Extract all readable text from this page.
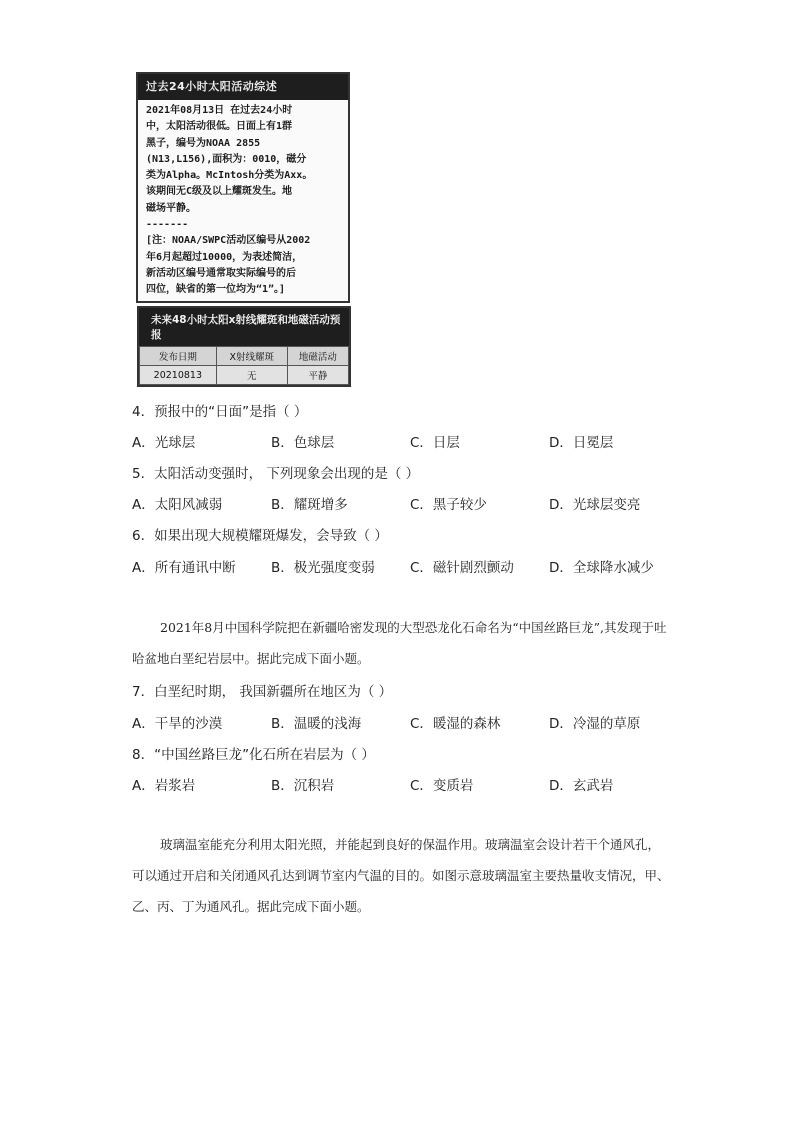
过去24小时太阳活动综述
2021年08月13日 在过去24小时
中，太阳活动很低。日面上有1群
黑子，编号为NOAA 2855
(N13,L156),面积为：0010，磁分
类为Alpha。McIntosh分类为Axx。
该期间无C级及以上耀斑发生。地
磁场平静。
-------
[注：NOAA/SWPC活动区编号从2002
年6月起超过10000，为表述简洁，
新活动区编号通常取实际编号的后
四位，缺省的第一位均为“1”。]
未来48小时太阳x射线耀斑和地磁活动预报
发布日期	X射线耀斑	地磁活动
20210813	无	平静
4．预报中的“日面”是指（ ）
A．光球层	B．色球层	C．日层	D．日冕层
5．太阳活动变强时， 下列现象会出现的是（ ）
A．太阳风减弱	B．耀斑增多	C．黑子较少	D．光球层变亮
6．如果出现大规模耀斑爆发，会导致（ ）
A．所有通讯中断	B．极光强度变弱	C．磁针剧烈颤动	D．全球降水减少
2021年8月中国科学院把在新疆哈密发现的大型恐龙化石命名为“中国丝路巨龙”,其发现于吐哈盆地白垩纪岩层中。据此完成下面小题。
7．白垩纪时期， 我国新疆所在地区为（ ）
A．干旱的沙漠	B．温暖的浅海	C．暖湿的森林	D．冷湿的草原
8．“中国丝路巨龙”化石所在岩层为（ ）
A．岩浆岩	B．沉积岩	C．变质岩	D．玄武岩
玻璃温室能充分利用太阳光照，并能起到良好的保温作用。玻璃温室会设计若干个通风孔，可以通过开启和关闭通风孔达到调节室内气温的目的。如图示意玻璃温室主要热量收支情况，甲、乙、丙、丁为通风孔。据此完成下面小题。
